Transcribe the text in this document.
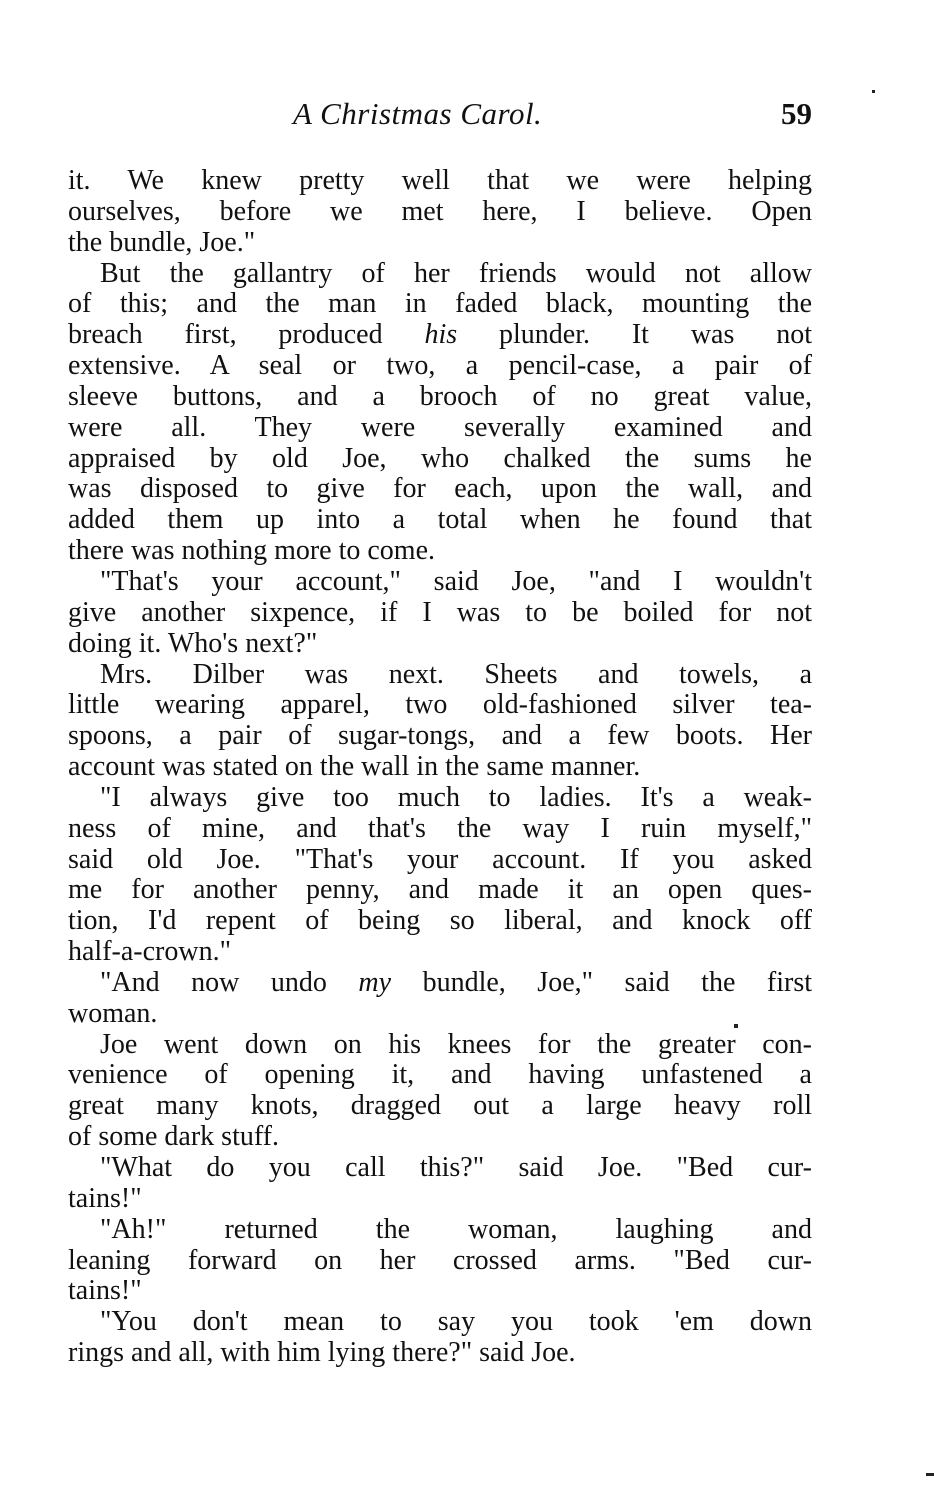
A Christmas Carol.	59
it. We knew pretty well that we were helping
ourselves, before we met here, I believe. Open
the bundle, Joe."
But the gallantry of her friends would not allow
of this; and the man in faded black, mounting the
breach first, produced his plunder. It was not
extensive. A seal or two, a pencil-case, a pair of
sleeve buttons, and a brooch of no great value,
were all. They were severally examined and
appraised by old Joe, who chalked the sums he
was disposed to give for each, upon the wall, and
added them up into a total when he found that
there was nothing more to come.
"That's your account," said Joe, "and I wouldn't
give another sixpence, if I was to be boiled for not
doing it. Who's next?"
Mrs. Dilber was next. Sheets and towels, a
little wearing apparel, two old-fashioned silver tea-
spoons, a pair of sugar-tongs, and a few boots. Her
account was stated on the wall in the same manner.
"I always give too much to ladies. It's a weak-
ness of mine, and that's the way I ruin myself,"
said old Joe. "That's your account. If you asked
me for another penny, and made it an open ques-
tion, I'd repent of being so liberal, and knock off
half-a-crown."
"And now undo my bundle, Joe," said the first
woman.
Joe went down on his knees for the greater con-
venience of opening it, and having unfastened a
great many knots, dragged out a large heavy roll
of some dark stuff.
"What do you call this?" said Joe. "Bed cur-
tains!"
"Ah!" returned the woman, laughing and
leaning forward on her crossed arms. "Bed cur-
tains!"
"You don't mean to say you took 'em down
rings and all, with him lying there?" said Joe.
